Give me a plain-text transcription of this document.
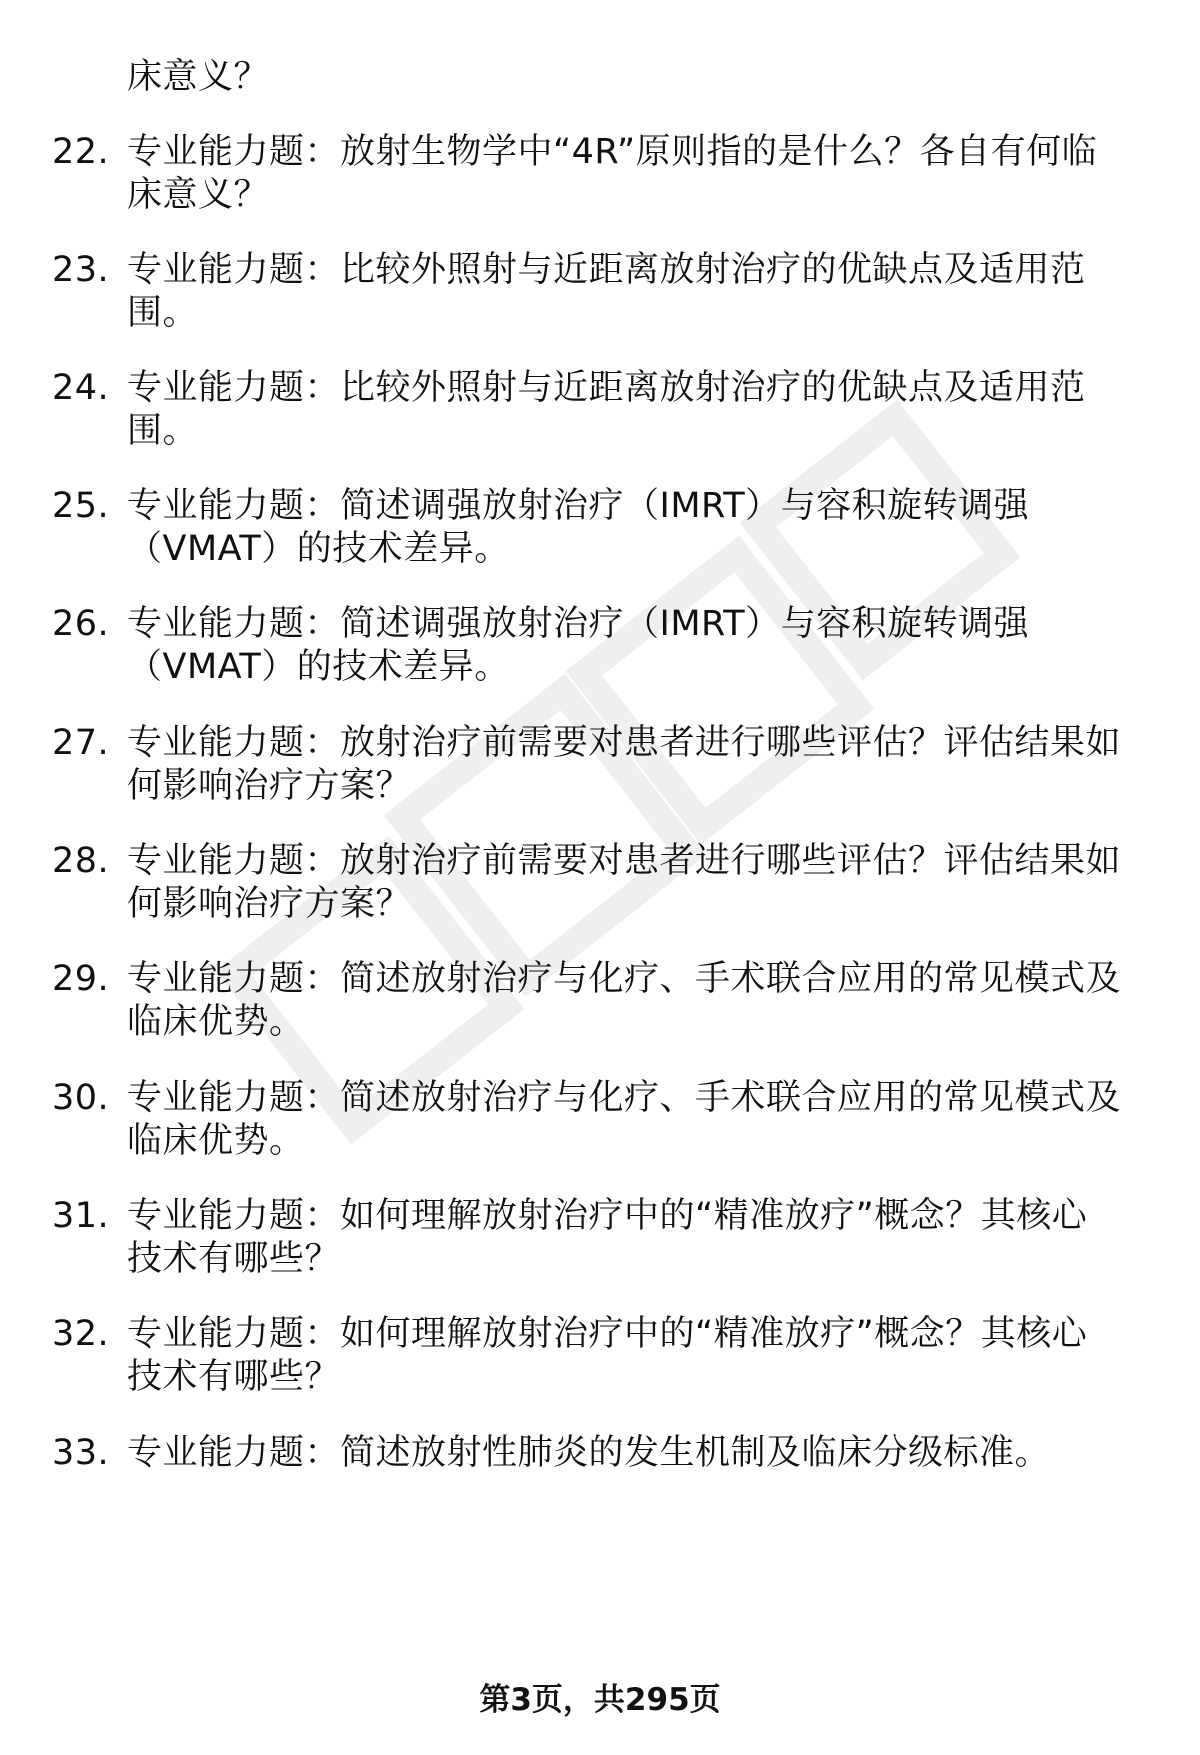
床意义？
22. 专业能力题：放射生物学中“4R”原则指的是什么？各自有何临
床意义？
23. 专业能力题：比较外照射与近距离放射治疗的优缺点及适用范
围。
24. 专业能力题：比较外照射与近距离放射治疗的优缺点及适用范
围。
25. 专业能力题：简述调强放射治疗（IMRT）与容积旋转调强
（VMAT）的技术差异。
26. 专业能力题：简述调强放射治疗（IMRT）与容积旋转调强
（VMAT）的技术差异。
27. 专业能力题：放射治疗前需要对患者进行哪些评估？评估结果如
何影响治疗方案？
28. 专业能力题：放射治疗前需要对患者进行哪些评估？评估结果如
何影响治疗方案？
29. 专业能力题：简述放射治疗与化疗、手术联合应用的常见模式及
临床优势。
30. 专业能力题：简述放射治疗与化疗、手术联合应用的常见模式及
临床优势。
31. 专业能力题：如何理解放射治疗中的“精准放疗”概念？其核心
技术有哪些？
32. 专业能力题：如何理解放射治疗中的“精准放疗”概念？其核心
技术有哪些？
33. 专业能力题：简述放射性肺炎的发生机制及临床分级标准。
第3页，共295页
